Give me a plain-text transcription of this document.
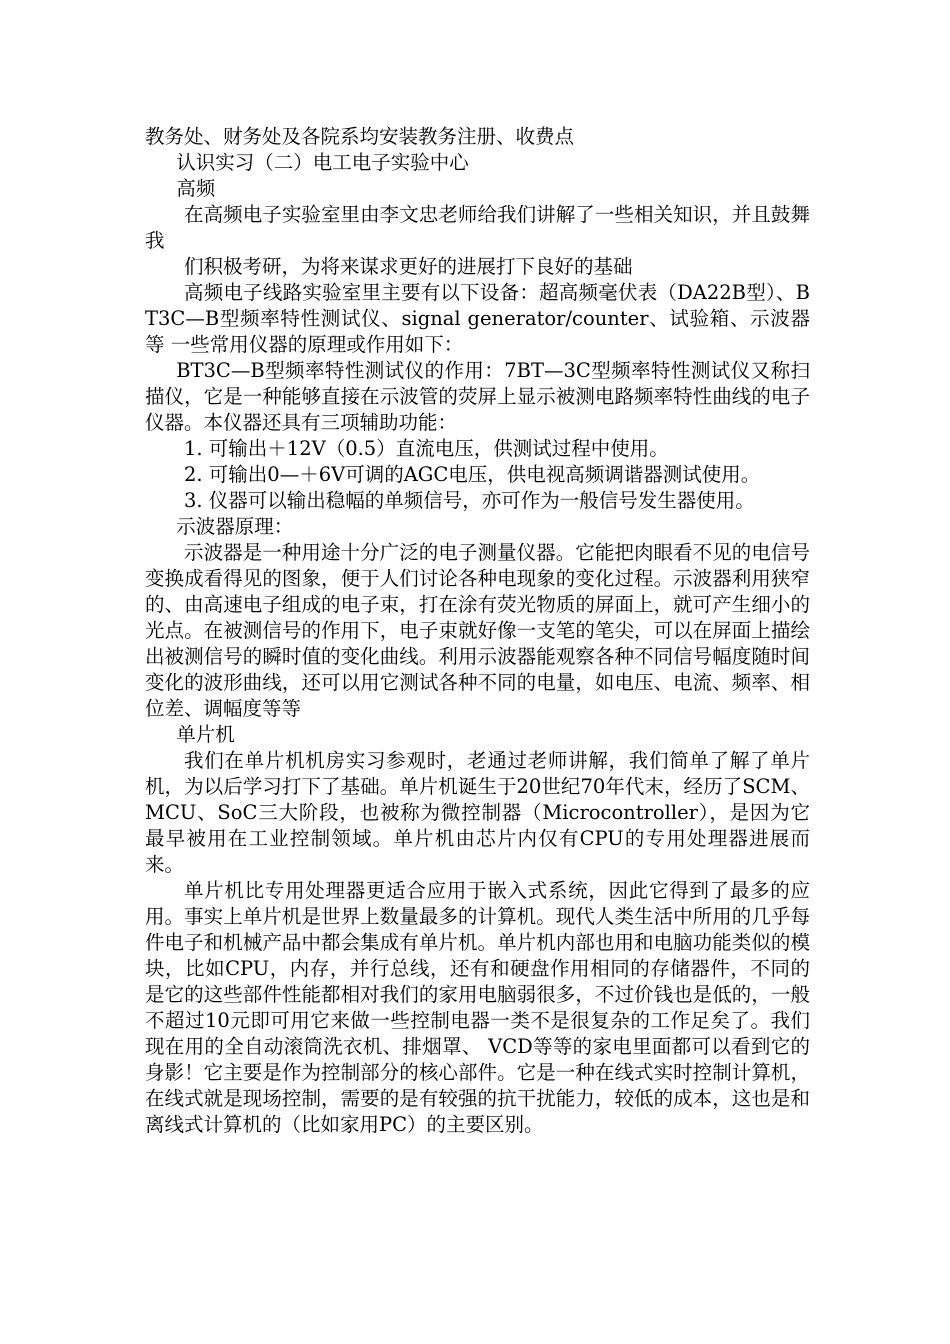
教务处、财务处及各院系均安装教务注册、收费点

认识实习（二）电工电子实验中心

高频

在高频电子实验室里由李文忠老师给我们讲解了一些相关知识，并且鼓舞我

们积极考研，为将来谋求更好的进展打下良好的基础

高频电子线路实验室里主要有以下设备：超高频毫伏表（DA22B型）、BT3C—B型频率特性测试仪、signal generator/counter、试验箱、示波器等 一些常用仪器的原理或作用如下：

BT3C—B型频率特性测试仪的作用：7BT—3C型频率特性测试仪又称扫描仪，它是一种能够直接在示波管的荧屏上显示被测电路频率特性曲线的电子仪器。本仪器还具有三项辅助功能：

1. 可输出＋12V（0.5）直流电压，供测试过程中使用。

2. 可输出0—＋6V可调的AGC电压，供电视高频调谐器测试使用。

3. 仪器可以输出稳幅的单频信号，亦可作为一般信号发生器使用。

示波器原理：

示波器是一种用途十分广泛的电子测量仪器。它能把肉眼看不见的电信号变换成看得见的图象，便于人们讨论各种电现象的变化过程。示波器利用狭窄的、由高速电子组成的电子束，打在涂有荧光物质的屏面上，就可产生细小的光点。在被测信号的作用下，电子束就好像一支笔的笔尖，可以在屏面上描绘出被测信号的瞬时值的变化曲线。利用示波器能观察各种不同信号幅度随时间变化的波形曲线，还可以用它测试各种不同的电量，如电压、电流、频率、相位差、调幅度等等

单片机

我们在单片机机房实习参观时，老通过老师讲解，我们简单了解了单片机，为以后学习打下了基础。单片机诞生于20世纪70年代末，经历了SCM、MCU、SoC三大阶段，也被称为微控制器（Microcontroller），是因为它最早被用在工业控制领域。单片机由芯片内仅有CPU的专用处理器进展而来。

单片机比专用处理器更适合应用于嵌入式系统，因此它得到了最多的应用。事实上单片机是世界上数量最多的计算机。现代人类生活中所用的几乎每件电子和机械产品中都会集成有单片机。单片机内部也用和电脑功能类似的模块，比如CPU，内存，并行总线，还有和硬盘作用相同的存储器件，不同的是它的这些部件性能都相对我们的家用电脑弱很多，不过价钱也是低的，一般不超过10元即可用它来做一些控制电器一类不是很复杂的工作足矣了。我们现在用的全自动滚筒洗衣机、排烟罩、 VCD等等的家电里面都可以看到它的身影！它主要是作为控制部分的核心部件。它是一种在线式实时控制计算机，在线式就是现场控制，需要的是有较强的抗干扰能力，较低的成本，这也是和离线式计算机的（比如家用PC）的主要区别。
